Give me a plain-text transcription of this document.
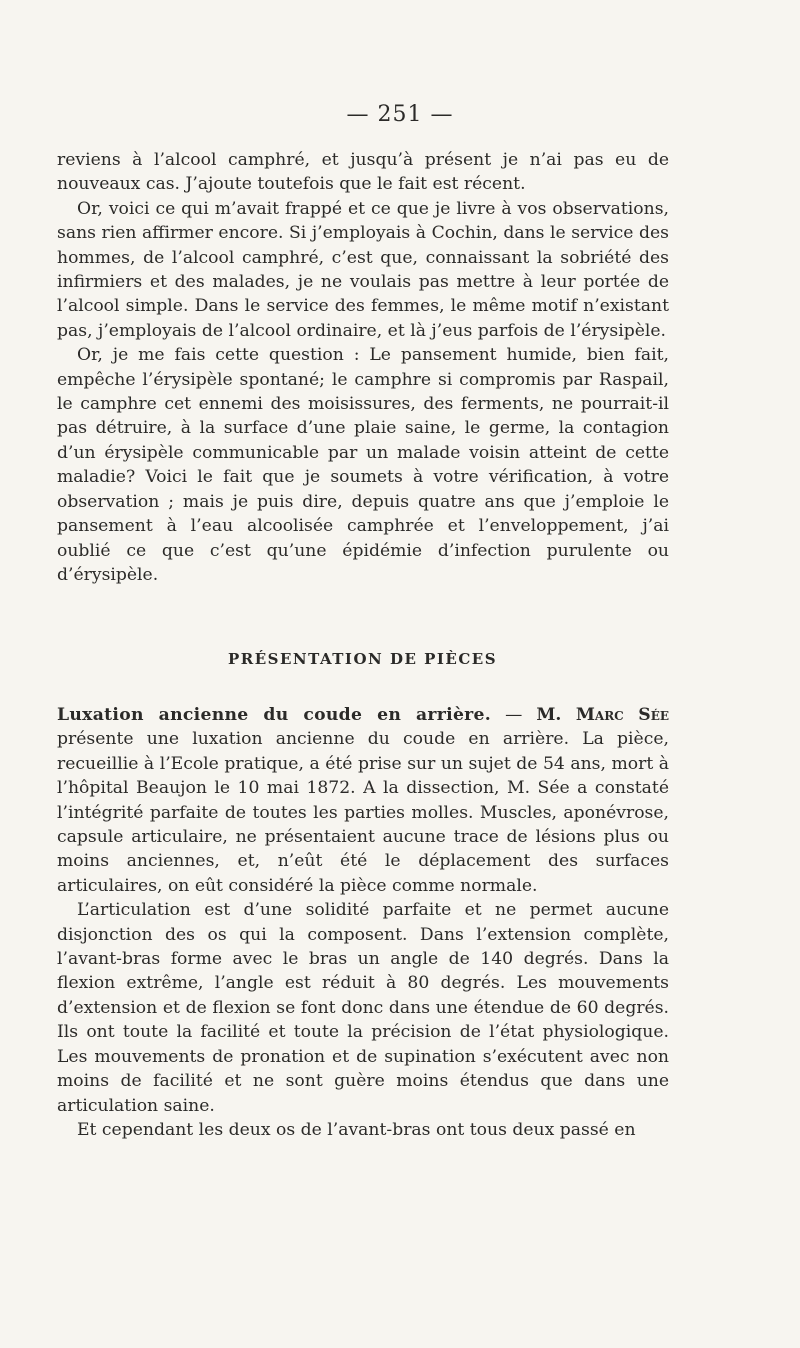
— 251 —

reviens à l’alcool camphré, et jusqu’à présent je n’ai pas eu de nouveaux cas. J’ajoute toutefois que le fait est récent.

Or, voici ce qui m’avait frappé et ce que je livre à vos observations, sans rien affirmer encore. Si j’employais à Cochin, dans le service des hommes, de l’alcool camphré, c’est que, connaissant la sobriété des infirmiers et des malades, je ne voulais pas mettre à leur portée de l’alcool simple. Dans le service des femmes, le même motif n’existant pas, j’employais de l’alcool ordinaire, et là j’eus parfois de l’érysipèle.

Or, je me fais cette question : Le pansement humide, bien fait, empêche l’érysipèle spontané; le camphre si compromis par Raspail, le camphre cet ennemi des moisissures, des ferments, ne pourrait-il pas détruire, à la surface d’une plaie saine, le germe, la contagion d’un érysipèle communicable par un malade voisin atteint de cette maladie? Voici le fait que je soumets à votre vérification, à votre observation ; mais je puis dire, depuis quatre ans que j’emploie le pansement à l’eau alcoolisée camphrée et l’enveloppement, j’ai oublié ce que c’est qu’une épidémie d’infection purulente ou d’érysipèle.

PRÉSENTATION DE PIÈCES

Luxation ancienne du coude en arrière. — M. Marc Sée présente une luxation ancienne du coude en arrière. La pièce, recueillie à l’Ecole pratique, a été prise sur un sujet de 54 ans, mort à l’hôpital Beaujon le 10 mai 1872. A la dissection, M. Sée a constaté l’intégrité parfaite de toutes les parties molles. Muscles, aponévrose, capsule articulaire, ne présentaient aucune trace de lésions plus ou moins anciennes, et, n’eût été le déplacement des surfaces articulaires, on eût considéré la pièce comme normale.

L’articulation est d’une solidité parfaite et ne permet aucune disjonction des os qui la composent. Dans l’extension complète, l’avant-bras forme avec le bras un angle de 140 degrés. Dans la flexion extrême, l’angle est réduit à 80 degrés. Les mouvements d’extension et de flexion se font donc dans une étendue de 60 degrés. Ils ont toute la facilité et toute la précision de l’état physiologique. Les mouvements de pronation et de supination s’exécutent avec non moins de facilité et ne sont guère moins étendus que dans une articulation saine.

Et cependant les deux os de l’avant-bras ont tous deux passé en
